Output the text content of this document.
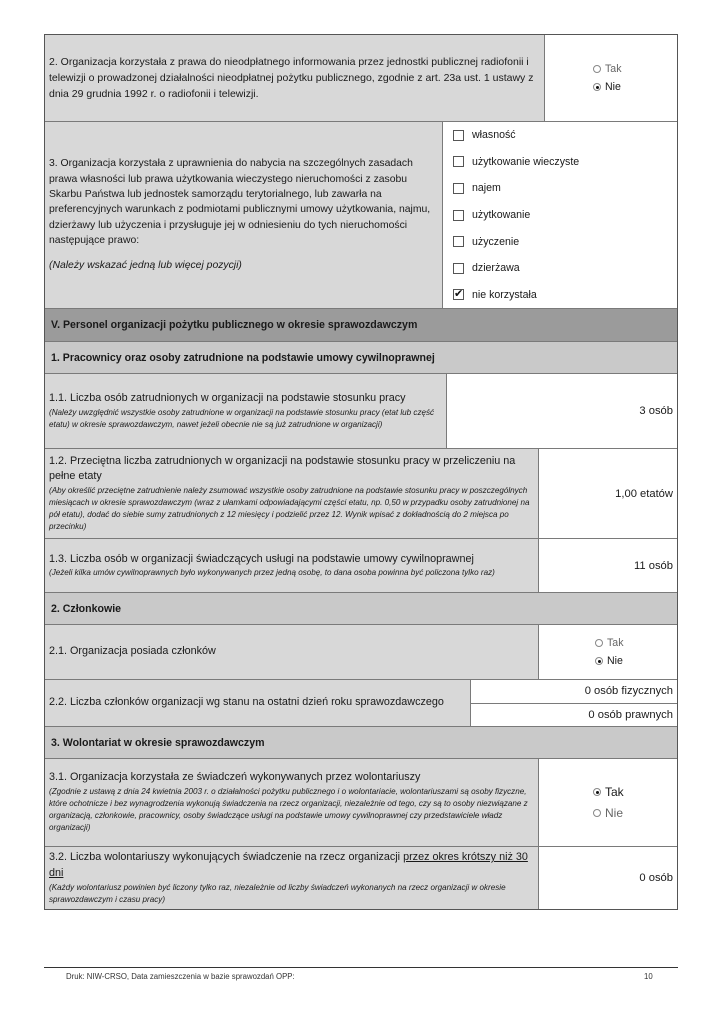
2. Organizacja korzystała z prawa do nieodpłatnego informowania przez jednostki publicznej radiofonii i telewizji o prowadzonej działalności nieodpłatnej pożytku publicznego, zgodnie z art. 23a ust. 1 ustawy z dnia 29 grudnia 1992 r. o radiofonii i telewizji.
Tak
Nie
3. Organizacja korzystała z uprawnienia do nabycia na szczególnych zasadach prawa własności lub prawa użytkowania wieczystego nieruchomości z zasobu Skarbu Państwa lub jednostek samorządu terytorialnego, lub zawarła na preferencyjnych warunkach z podmiotami publicznymi umowy użytkowania, najmu, dzierżawy lub użyczenia i przysługuje jej w odniesieniu do tych nieruchomości następujące prawo:
(Należy wskazać jedną lub więcej pozycji)
własność
użytkowanie wieczyste
najem
użytkowanie
użyczenie
dzierżawa
✔
nie korzystała
V. Personel organizacji pożytku publicznego w okresie sprawozdawczym
1. Pracownicy oraz osoby zatrudnione na podstawie umowy cywilnoprawnej
1.1. Liczba osób zatrudnionych w organizacji na podstawie stosunku pracy
(Należy uwzględnić wszystkie osoby zatrudnione w organizacji na podstawie stosunku pracy (etat lub część etatu) w okresie sprawozdawczym, nawet jeżeli obecnie nie są już zatrudnione w organizacji)
3 osób
1.2. Przeciętna liczba zatrudnionych w organizacji na podstawie stosunku pracy w przeliczeniu na pełne etaty
(Aby określić przeciętne zatrudnienie należy zsumować wszystkie osoby zatrudnione na podstawie stosunku pracy w poszczególnych miesiącach w okresie sprawozdawczym (wraz z ułamkami odpowiadającymi części etatu, np. 0,50 w przypadku osoby zatrudnionej na pół etatu), dodać do siebie sumy zatrudnionych z 12 miesięcy i podzielić przez 12. Wynik wpisać z dokładnością do 2 miejsca po przecinku)
1,00 etatów
1.3. Liczba osób w organizacji świadczących usługi na podstawie umowy cywilnoprawnej
(Jeżeli kilka umów cywilnoprawnych było wykonywanych przez jedną osobę, to dana osoba powinna być policzona tylko raz)
11 osób
2. Członkowie
2.1. Organizacja posiada członków
Tak
Nie
2.2. Liczba członków organizacji wg stanu na ostatni dzień roku sprawozdawczego
0 osób fizycznych
0 osób prawnych
3. Wolontariat w okresie sprawozdawczym
3.1. Organizacja korzystała ze świadczeń wykonywanych przez wolontariuszy
(Zgodnie z ustawą z dnia 24 kwietnia 2003 r. o działalności pożytku publicznego i o wolontariacie, wolontariuszami są osoby fizyczne, które ochotnicze i bez wynagrodzenia wykonują świadczenia na rzecz organizacji, niezależnie od tego, czy są to osoby niezwiązane z organizacją, członkowie, pracownicy, osoby świadczące usługi na podstawie umowy cywilnoprawnej czy przedstawiciele władz organizacji)
Tak
Nie
3.2. Liczba wolontariuszy wykonujących świadczenie na rzecz organizacji przez okres krótszy niż 30 dni
(Każdy wolontariusz powinien być liczony tylko raz, niezależnie od liczby świadczeń wykonanych na rzecz organizacji w okresie sprawozdawczym i czasu pracy)
0 osób
Druk: NIW-CRSO, Data zamieszczenia w bazie sprawozdań OPP:	10
